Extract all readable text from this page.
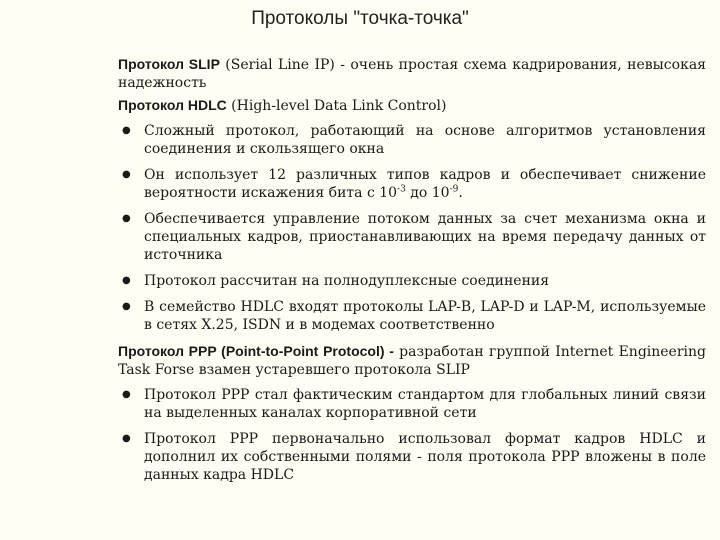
Протоколы "точка-точка"

Протокол SLIP (Serial Line IP) - очень простая схема кадрирования, невысокая надежность

Протокол HDLC (High-level Data Link Control)

● Сложный протокол, работающий на основе алгоритмов установления соединения и скользящего окна
● Он использует 12 различных типов кадров и обеспечивает снижение вероятности искажения бита с $10^{-3}$ до $10^{-9}$.
● Обеспечивается управление потоком данных за счет механизма окна и специальных кадров, приостанавливающих на время передачу данных от источника
● Протокол рассчитан на полнодуплексные соединения
● В семейство HDLC входят протоколы LAP-B, LAP-D и LAP-M, используемые в сетях X.25, ISDN и в модемах соответственно

Протокол PPP (Point-to-Point Protocol) - разработан группой Internet Engineering Task Forse взамен устаревшего протокола SLIP

● Протокол PPP стал фактическим стандартом для глобальных линий связи на выделенных каналах корпоративной сети
● Протокол PPP первоначально использовал формат кадров HDLC и дополнил их собственными полями - поля протокола PPP вложены в поле данных кадра HDLC
